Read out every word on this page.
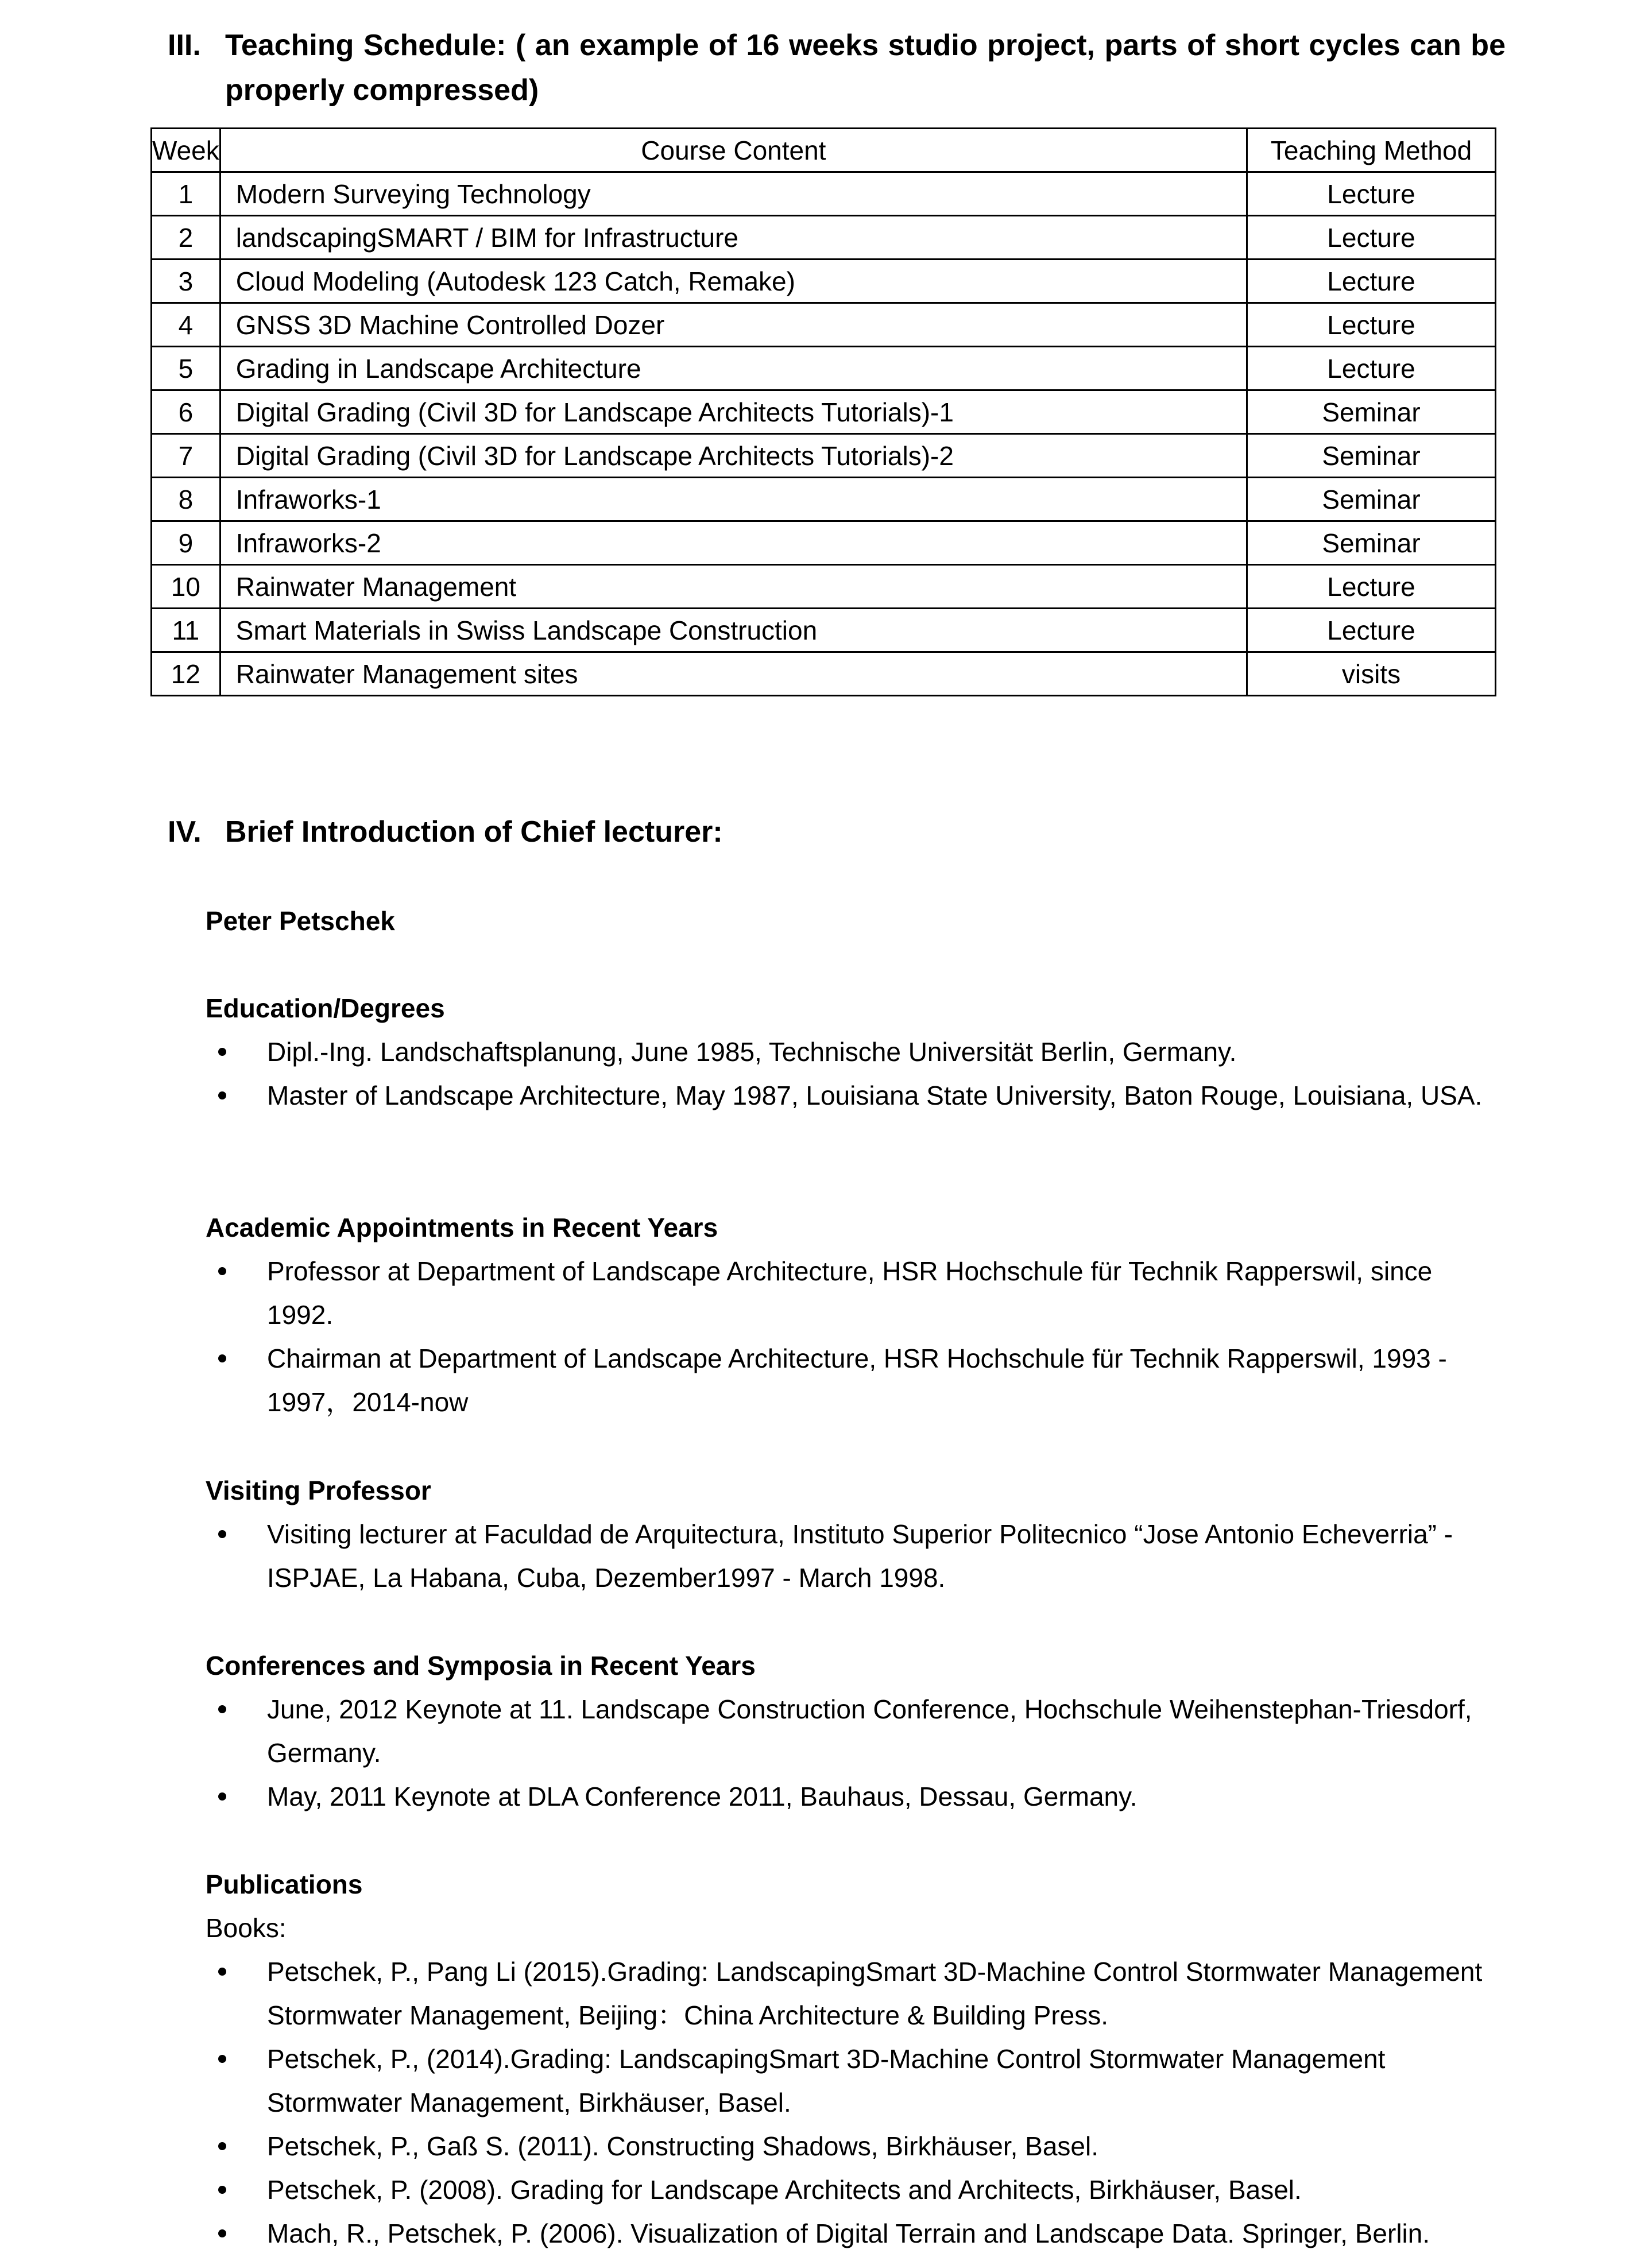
III. Teaching Schedule: ( an example of 16 weeks studio project, parts of short cycles can be properly compressed)
Week	Course Content	Teaching Method
1	Modern Surveying Technology	Lecture
2	landscapingSMART / BIM for Infrastructure	Lecture
3	Cloud Modeling (Autodesk 123 Catch, Remake)	Lecture
4	GNSS 3D Machine Controlled Dozer	Lecture
5	Grading in Landscape Architecture	Lecture
6	Digital Grading (Civil 3D for Landscape Architects Tutorials)-1	Seminar
7	Digital Grading (Civil 3D for Landscape Architects Tutorials)-2	Seminar
8	Infraworks-1	Seminar
9	Infraworks-2	Seminar
10	Rainwater Management	Lecture
11	Smart Materials in Swiss Landscape Construction	Lecture
12	Rainwater Management sites	visits
IV. Brief Introduction of Chief lecturer:
Peter Petschek
Education/Degrees
Dipl.-Ing. Landschaftsplanung, June 1985, Technische Universität Berlin, Germany.
Master of Landscape Architecture, May 1987, Louisiana State University, Baton Rouge, Louisiana, USA.
Academic Appointments in Recent Years
Professor at Department of Landscape Architecture, HSR Hochschule für Technik Rapperswil, since 1992.
Chairman at Department of Landscape Architecture, HSR Hochschule für Technik Rapperswil, 1993 - 1997，2014-now
Visiting Professor
Visiting lecturer at Faculdad de Arquitectura, Instituto Superior Politecnico “Jose Antonio Echeverria” - ISPJAE, La Habana, Cuba, Dezember1997 - March 1998.
Conferences and Symposia in Recent Years
June, 2012 Keynote at 11. Landscape Construction Conference, Hochschule Weihenstephan-Triesdorf, Germany.
May, 2011 Keynote at DLA Conference 2011, Bauhaus, Dessau, Germany.
Publications
Books:
Petschek, P., Pang Li (2015).Grading: LandscapingSmart 3D-Machine Control Stormwater Management Stormwater Management, Beijing：China Architecture & Building Press.
Petschek, P., (2014).Grading: LandscapingSmart 3D-Machine Control Stormwater Management Stormwater Management, Birkhäuser, Basel.
Petschek, P., Gaß S. (2011). Constructing Shadows, Birkhäuser, Basel.
Petschek, P. (2008). Grading for Landscape Architects and Architects, Birkhäuser, Basel.
Mach, R., Petschek, P. (2006). Visualization of Digital Terrain and Landscape Data. Springer, Berlin.
